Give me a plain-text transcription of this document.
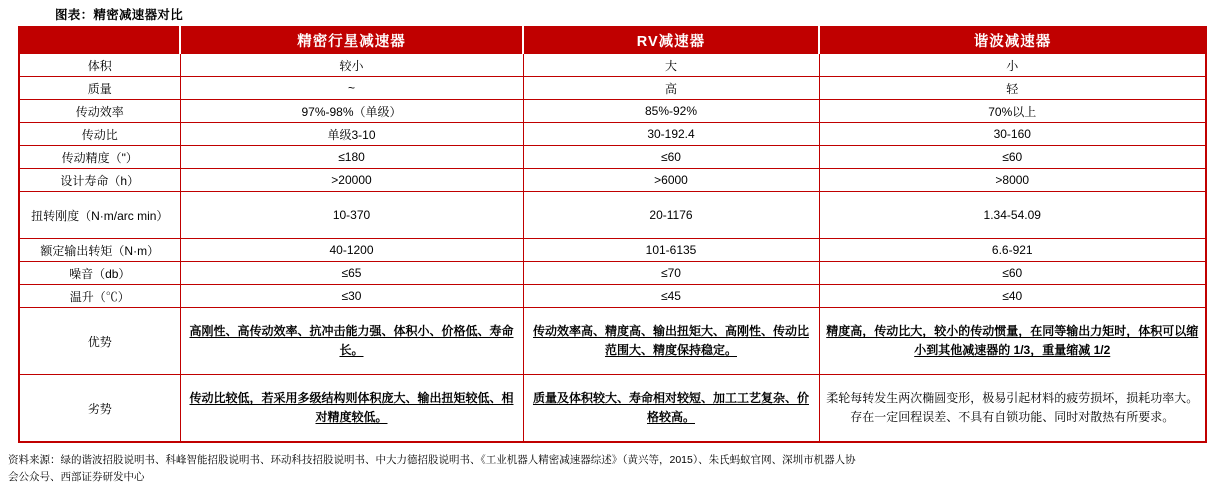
图表：精密减速器对比
	精密行星减速器	RV减速器	谐波减速器
体积	较小	大	小
质量	~	高	轻
传动效率	97%-98%（单级）	85%-92%	70%以上
传动比	单级3-10	30-192.4	30-160
传动精度（"）	≤180	≤60	≤60
设计寿命（h）	>20000	>6000	>8000
扭转刚度（N·m/arc min）	10-370	20-1176	1.34-54.09
额定输出转矩（N·m）	40-1200	101-6135	6.6-921
噪音（db）	≤65	≤70	≤60
温升（℃）	≤30	≤45	≤40
优势	高刚性、高传动效率、抗冲击能力强、体积小、价格低、寿命长。	传动效率高、精度高、输出扭矩大、高刚性、传动比范围大、精度保持稳定。	精度高，传动比大，较小的传动惯量，在同等输出力矩时，体积可以缩小到其他减速器的 1/3，重量缩减 1/2

劣势	传动比较低，若采用多级结构则体积庞大、输出扭矩较低、相对精度较低。	质量及体积较大、寿命相对较短、加工工艺复杂、价格较高。	柔轮每转发生两次椭圆变形，极易引起材料的疲劳损坏，损耗功率大。存在一定回程误差、不具有自锁功能、同时对散热有所要求。
资料来源：绿的谐波招股说明书、科峰智能招股说明书、环动科技招股说明书、中大力德招股说明书、《工业机器人精密减速器综述》（黄兴等，2015）、朱氏蚂蚁官网、深圳市机器人协
会公众号、西部证券研发中心
